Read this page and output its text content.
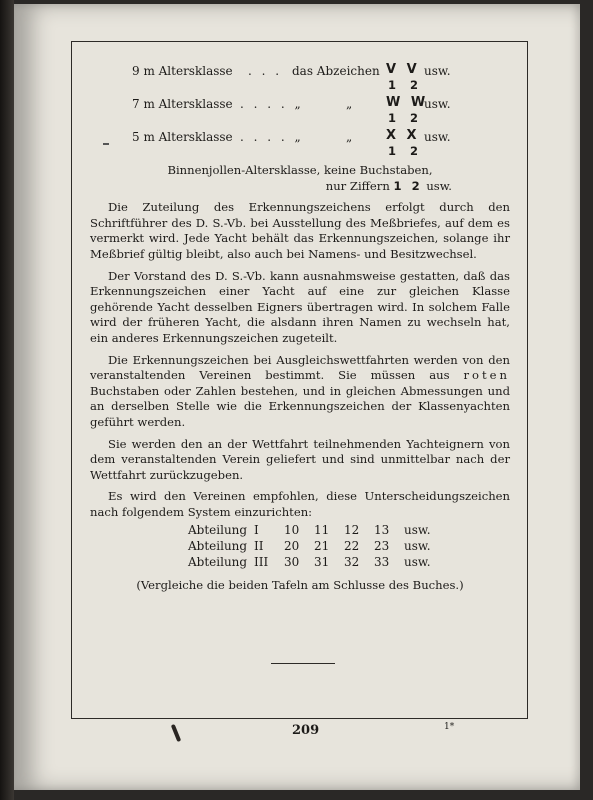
9 m Altersklasse . . . das Abzeichen V V
1 2
usw.
7 m Altersklasse . . . . „	„	W W
1 2
usw.
5 m Altersklasse . . . . „	„	X X
1 2
usw.
Binnenjollen-Altersklasse, keine Buchstaben,
nur Ziffern 1 2 usw.

Die Zuteilung des Erkennungszeichens erfolgt durch den Schriftführer des D. S.-Vb. bei Ausstellung des Meßbriefes, auf dem es vermerkt wird. Jede Yacht behält das Erkennungszeichen, solange ihr Meßbrief gültig bleibt, also auch bei Namens- und Besitzwechsel.

Der Vorstand des D. S.-Vb. kann ausnahmsweise gestatten, daß das Erkennungszeichen einer Yacht auf eine zur gleichen Klasse gehörende Yacht desselben Eigners übertragen wird. In solchem Falle wird der früheren Yacht, die alsdann ihren Namen zu wechseln hat, ein anderes Erkennungszeichen zugeteilt.

Die Erkennungszeichen bei Ausgleichswettfahrten werden von den veranstaltenden Vereinen bestimmt. Sie müssen aus roten Buchstaben oder Zahlen bestehen, und in gleichen Abmessungen und an derselben Stelle wie die Erkennungszeichen der Klassenyachten geführt werden.

Sie werden den an der Wettfahrt teilnehmenden Yachteignern von dem veranstaltenden Verein geliefert und sind unmittelbar nach der Wettfahrt zurückzugeben.

Es wird den Vereinen empfohlen, diese Unterscheidungszeichen nach folgendem System einzurichten:

Abteilung I	10	11	12	13	usw.
Abteilung II	20	21	22	23	usw.
Abteilung III	30	31	32	33	usw.
(Vergleiche die beiden Tafeln am Schlusse des Buches.)
209	1*
